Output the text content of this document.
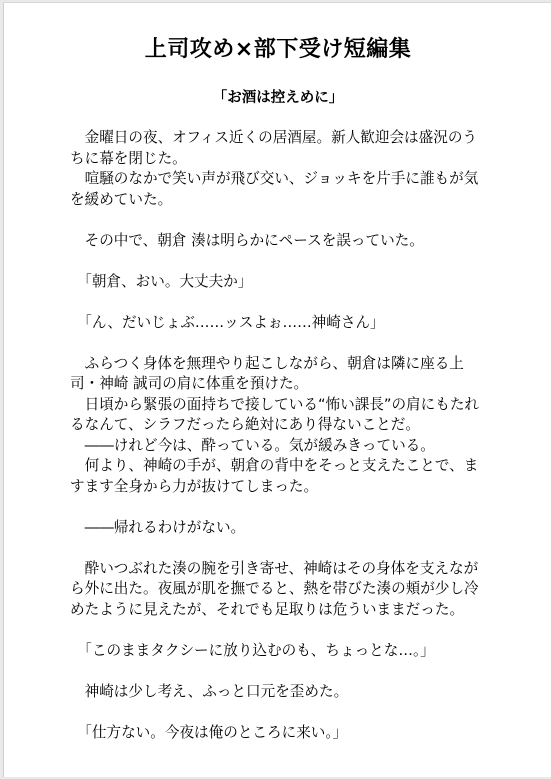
上司攻め×部下受け短編集
「お酒は控えめに」

　金曜日の夜、オフィス近くの居酒屋。新人歓迎会は盛況のうちに幕を閉じた。

　喧騒のなかで笑い声が飛び交い、ジョッキを片手に誰もが気を緩めていた。

　その中で、朝倉 湊は明らかにペースを誤っていた。

　「朝倉、おい。大丈夫か」

　「ん、だいじょぶ……ッスよぉ……神崎さん」

　ふらつく身体を無理やり起こしながら、朝倉は隣に座る上司・神崎 誠司の肩に体重を預けた。

　日頃から緊張の面持ちで接している“怖い課長”の肩にもたれるなんて、シラフだったら絶対にあり得ないことだ。

　――けれど今は、酔っている。気が緩みきっている。

　何より、神崎の手が、朝倉の背中をそっと支えたことで、ますます全身から力が抜けてしまった。

　――帰れるわけがない。

　酔いつぶれた湊の腕を引き寄せ、神崎はその身体を支えながら外に出た。夜風が肌を撫でると、熱を帯びた湊の頬が少し冷めたように見えたが、それでも足取りは危ういままだった。

　「このままタクシーに放り込むのも、ちょっとな…。」

　神崎は少し考え、ふっと口元を歪めた。

　「仕方ない。今夜は俺のところに来い。」
